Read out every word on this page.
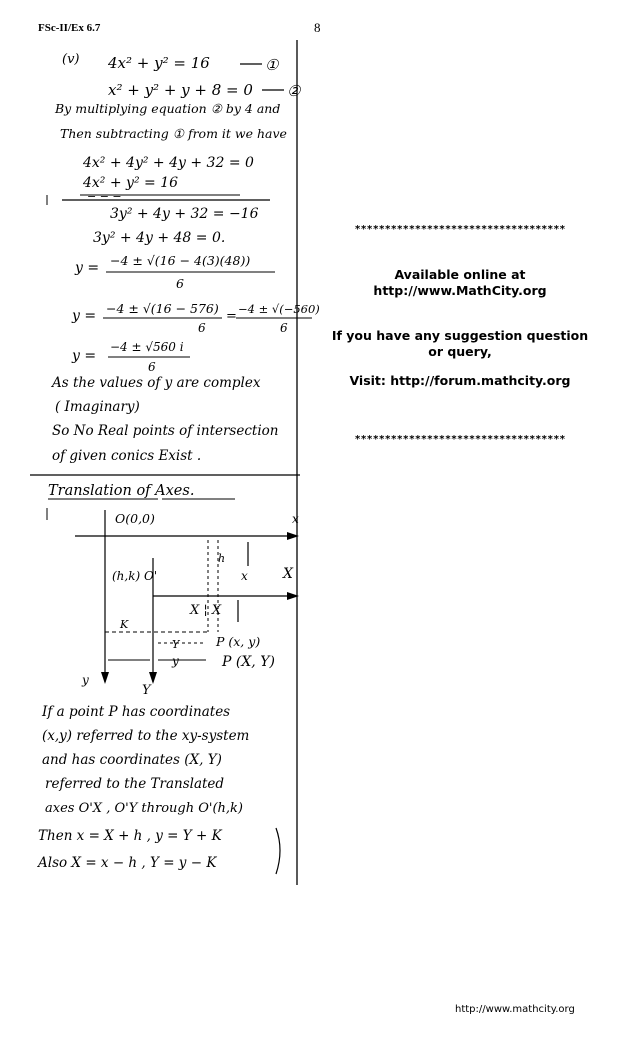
FSc-II/Ex 6.7	8
(v) 4x² + y² = 16	①
x² + y² + y + 8 = 0 ②
By multiplying equation ② by 4 and
Then subtracting ① from it we have
4x² + 4y² + 4y + 32 = 0
4x² + y² = 16
− − −
3y² + 4y + 32 = −16
3y² + 4y + 48 = 0.
y = −4 ± √(16 − 4(3)(48))
6
y = −4 ± √(16 − 576)
6
= −4 ± √(−560)
6
y =
−4 ± √560 i
6
As the values of y are complex
( Imaginary)
So No Real points of intersection
of given conics Exist .
Translation of Axes.
O(0,0)	x
h
x	X
(h,k) O'
X ¦ X
K
Y	P (x, y)
y	P (X, Y)
y
Y
If a point P has coordinates
(x,y) referred to the xy-system
and has coordinates (X, Y)
referred to the Translated
axes O'X , O'Y through O'(h,k)
Then x = X + h , y = Y + K
Also X = x − h , Y = y − K
***********************************
Available online at
http://www.MathCity.org
If you have any suggestion question or query,
Visit: http://forum.mathcity.org
***********************************
http://www.mathcity.org
